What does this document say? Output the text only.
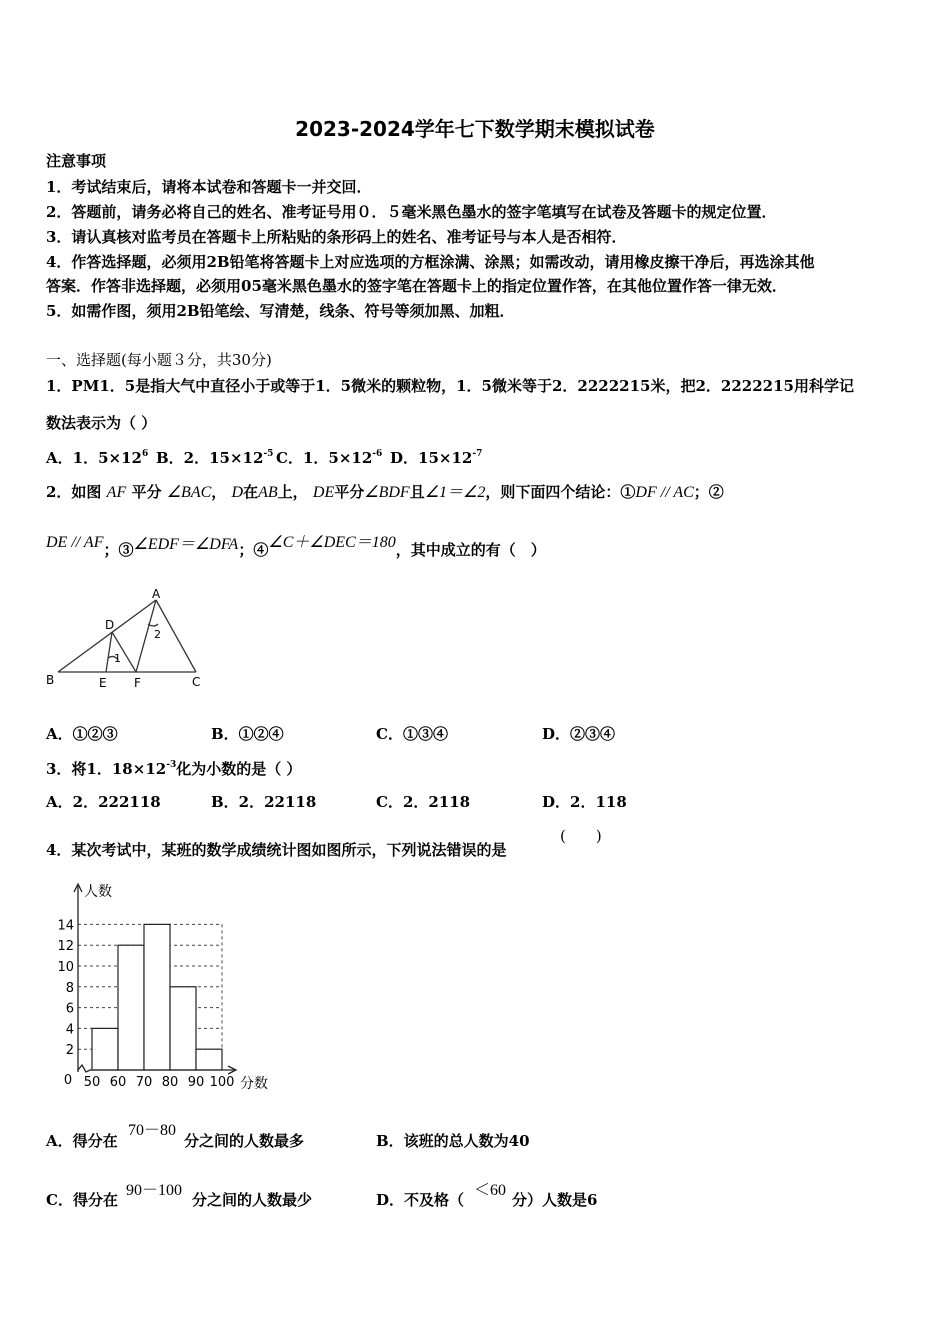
2023-2024学年七下数学期末模拟试卷
注意事项
1．考试结束后，请将本试卷和答题卡一并交回．
2．答题前，请务必将自己的姓名、准考证号用０．５毫米黑色墨水的签字笔填写在试卷及答题卡的规定位置．
3．请认真核对监考员在答题卡上所粘贴的条形码上的姓名、准考证号与本人是否相符．
4．作答选择题，必须用2B铅笔将答题卡上对应选项的方框涂满、涂黑；如需改动，请用橡皮擦干净后，再选涂其他
答案．作答非选择题，必须用05毫米黑色墨水的签字笔在答题卡上的指定位置作答，在其他位置作答一律无效．
5．如需作图，须用2B铅笔绘、写清楚，线条、符号等须加黑、加粗．
一、选择题(每小题３分，共30分)
1．PM1．5是指大气中直径小于或等于1．5微米的颗粒物，1．5微米等于2．2222215米，把2．2222215用科学记
数法表示为（ ）
A．1．$5\times 12^6$ B．2．$15\times 12^{-5}$ C．1．$5\times 12^{-6}$ D．$15\times 12^{-7}$
2．如图 AF 平分 ∠BAC， D在AB上， DE平分∠BDF且∠1＝∠2，则下面四个结论：①DF // AC；②
DE // AF；③∠EDF＝∠DFA；④∠C＋∠DEC＝180，其中成立的有（　）
A
B	C
D
E F
1
2
A．①②③	B．①②④	C．①③④	D．②③④
3．将1．$18\times 12^{-3}$化为小数的是（ ）
A．2．222118	B．2．22118	C．2．2118	D．2．118
4．某次考试中，某班的数学成绩统计图如图所示，下列说法错误的是
(　　)
2
4
6
8
10
12
14
50 60 70 80 90 100
0
人数
分数
A．得分在
70－80
分之间的人数最多	B．该班的总人数为40
C．得分在
90－100
分之间的人数最少	D．不及格（
＜60
分）人数是6
